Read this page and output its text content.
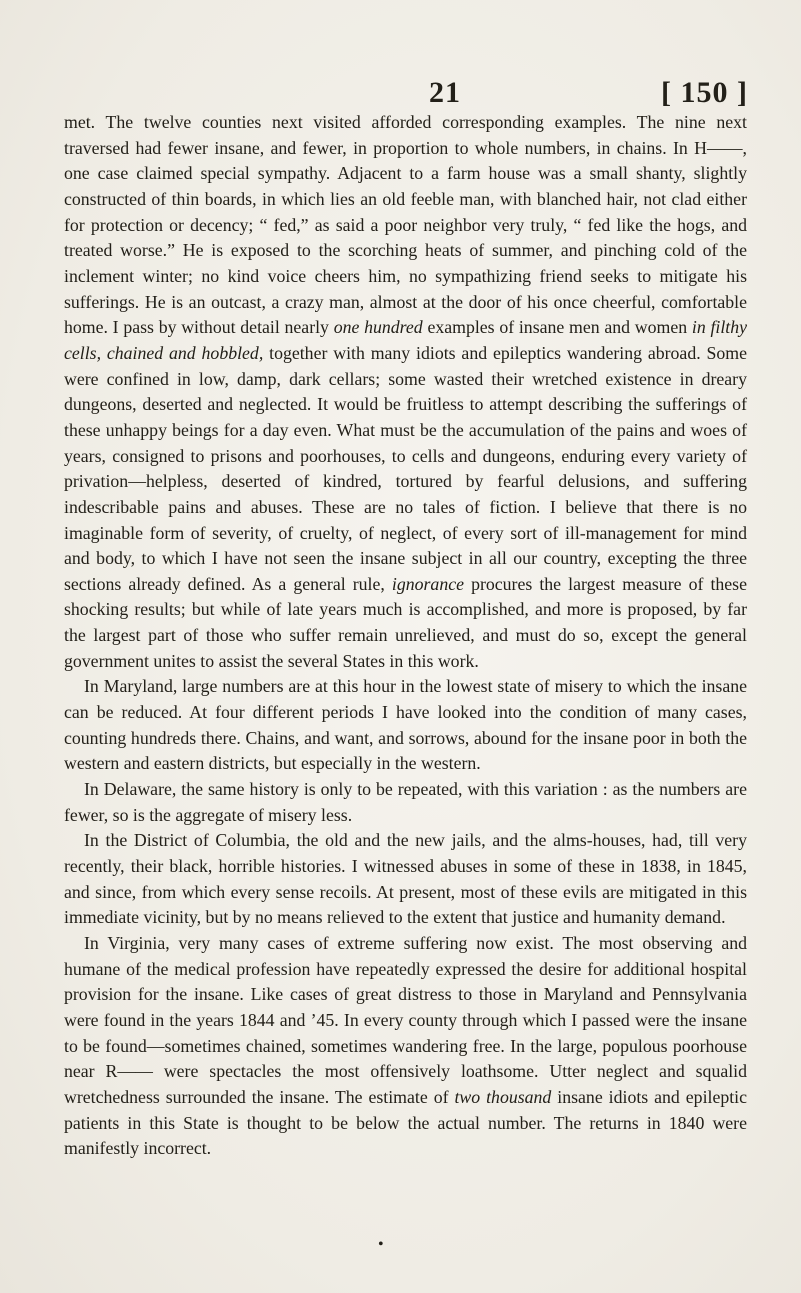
21	[ 150 ]

met. The twelve counties next visited afforded corresponding examples. The nine next traversed had fewer insane, and fewer, in proportion to whole numbers, in chains. In H——, one case claimed special sympathy. Adjacent to a farm house was a small shanty, slightly constructed of thin boards, in which lies an old feeble man, with blanched hair, not clad either for protection or decency; “ fed,” as said a poor neighbor very truly, “ fed like the hogs, and treated worse.” He is exposed to the scorching heats of summer, and pinching cold of the inclement winter; no kind voice cheers him, no sympathizing friend seeks to mitigate his sufferings. He is an outcast, a crazy man, almost at the door of his once cheerful, comfortable home. I pass by without detail nearly one hundred examples of insane men and women in filthy cells, chained and hobbled, together with many idiots and epileptics wandering abroad. Some were confined in low, damp, dark cellars; some wasted their wretched existence in dreary dungeons, deserted and neglected. It would be fruitless to attempt describing the sufferings of these unhappy beings for a day even. What must be the accumulation of the pains and woes of years, consigned to prisons and poorhouses, to cells and dungeons, enduring every variety of privation—helpless, deserted of kindred, tortured by fearful delusions, and suffering indescribable pains and abuses. These are no tales of fiction. I believe that there is no imaginable form of severity, of cruelty, of neglect, of every sort of ill-management for mind and body, to which I have not seen the insane subject in all our country, excepting the three sections already defined. As a general rule, ignorance procures the largest measure of these shocking results; but while of late years much is accomplished, and more is proposed, by far the largest part of those who suffer remain unrelieved, and must do so, except the general government unites to assist the several States in this work.

In Maryland, large numbers are at this hour in the lowest state of misery to which the insane can be reduced. At four different periods I have looked into the condition of many cases, counting hundreds there. Chains, and want, and sorrows, abound for the insane poor in both the western and eastern districts, but especially in the western.

In Delaware, the same history is only to be repeated, with this variation : as the numbers are fewer, so is the aggregate of misery less.

In the District of Columbia, the old and the new jails, and the alms-houses, had, till very recently, their black, horrible histories. I witnessed abuses in some of these in 1838, in 1845, and since, from which every sense recoils. At present, most of these evils are mitigated in this immediate vicinity, but by no means relieved to the extent that justice and humanity demand.

In Virginia, very many cases of extreme suffering now exist. The most observing and humane of the medical profession have repeatedly expressed the desire for additional hospital provision for the insane. Like cases of great distress to those in Maryland and Pennsylvania were found in the years 1844 and ’45. In every county through which I passed were the insane to be found—sometimes chained, sometimes wandering free. In the large, populous poorhouse near R—— were spectacles the most offensively loathsome. Utter neglect and squalid wretchedness surrounded the insane. The estimate of two thousand insane idiots and epileptic patients in this State is thought to be below the actual number. The returns in 1840 were manifestly incorrect.

•
